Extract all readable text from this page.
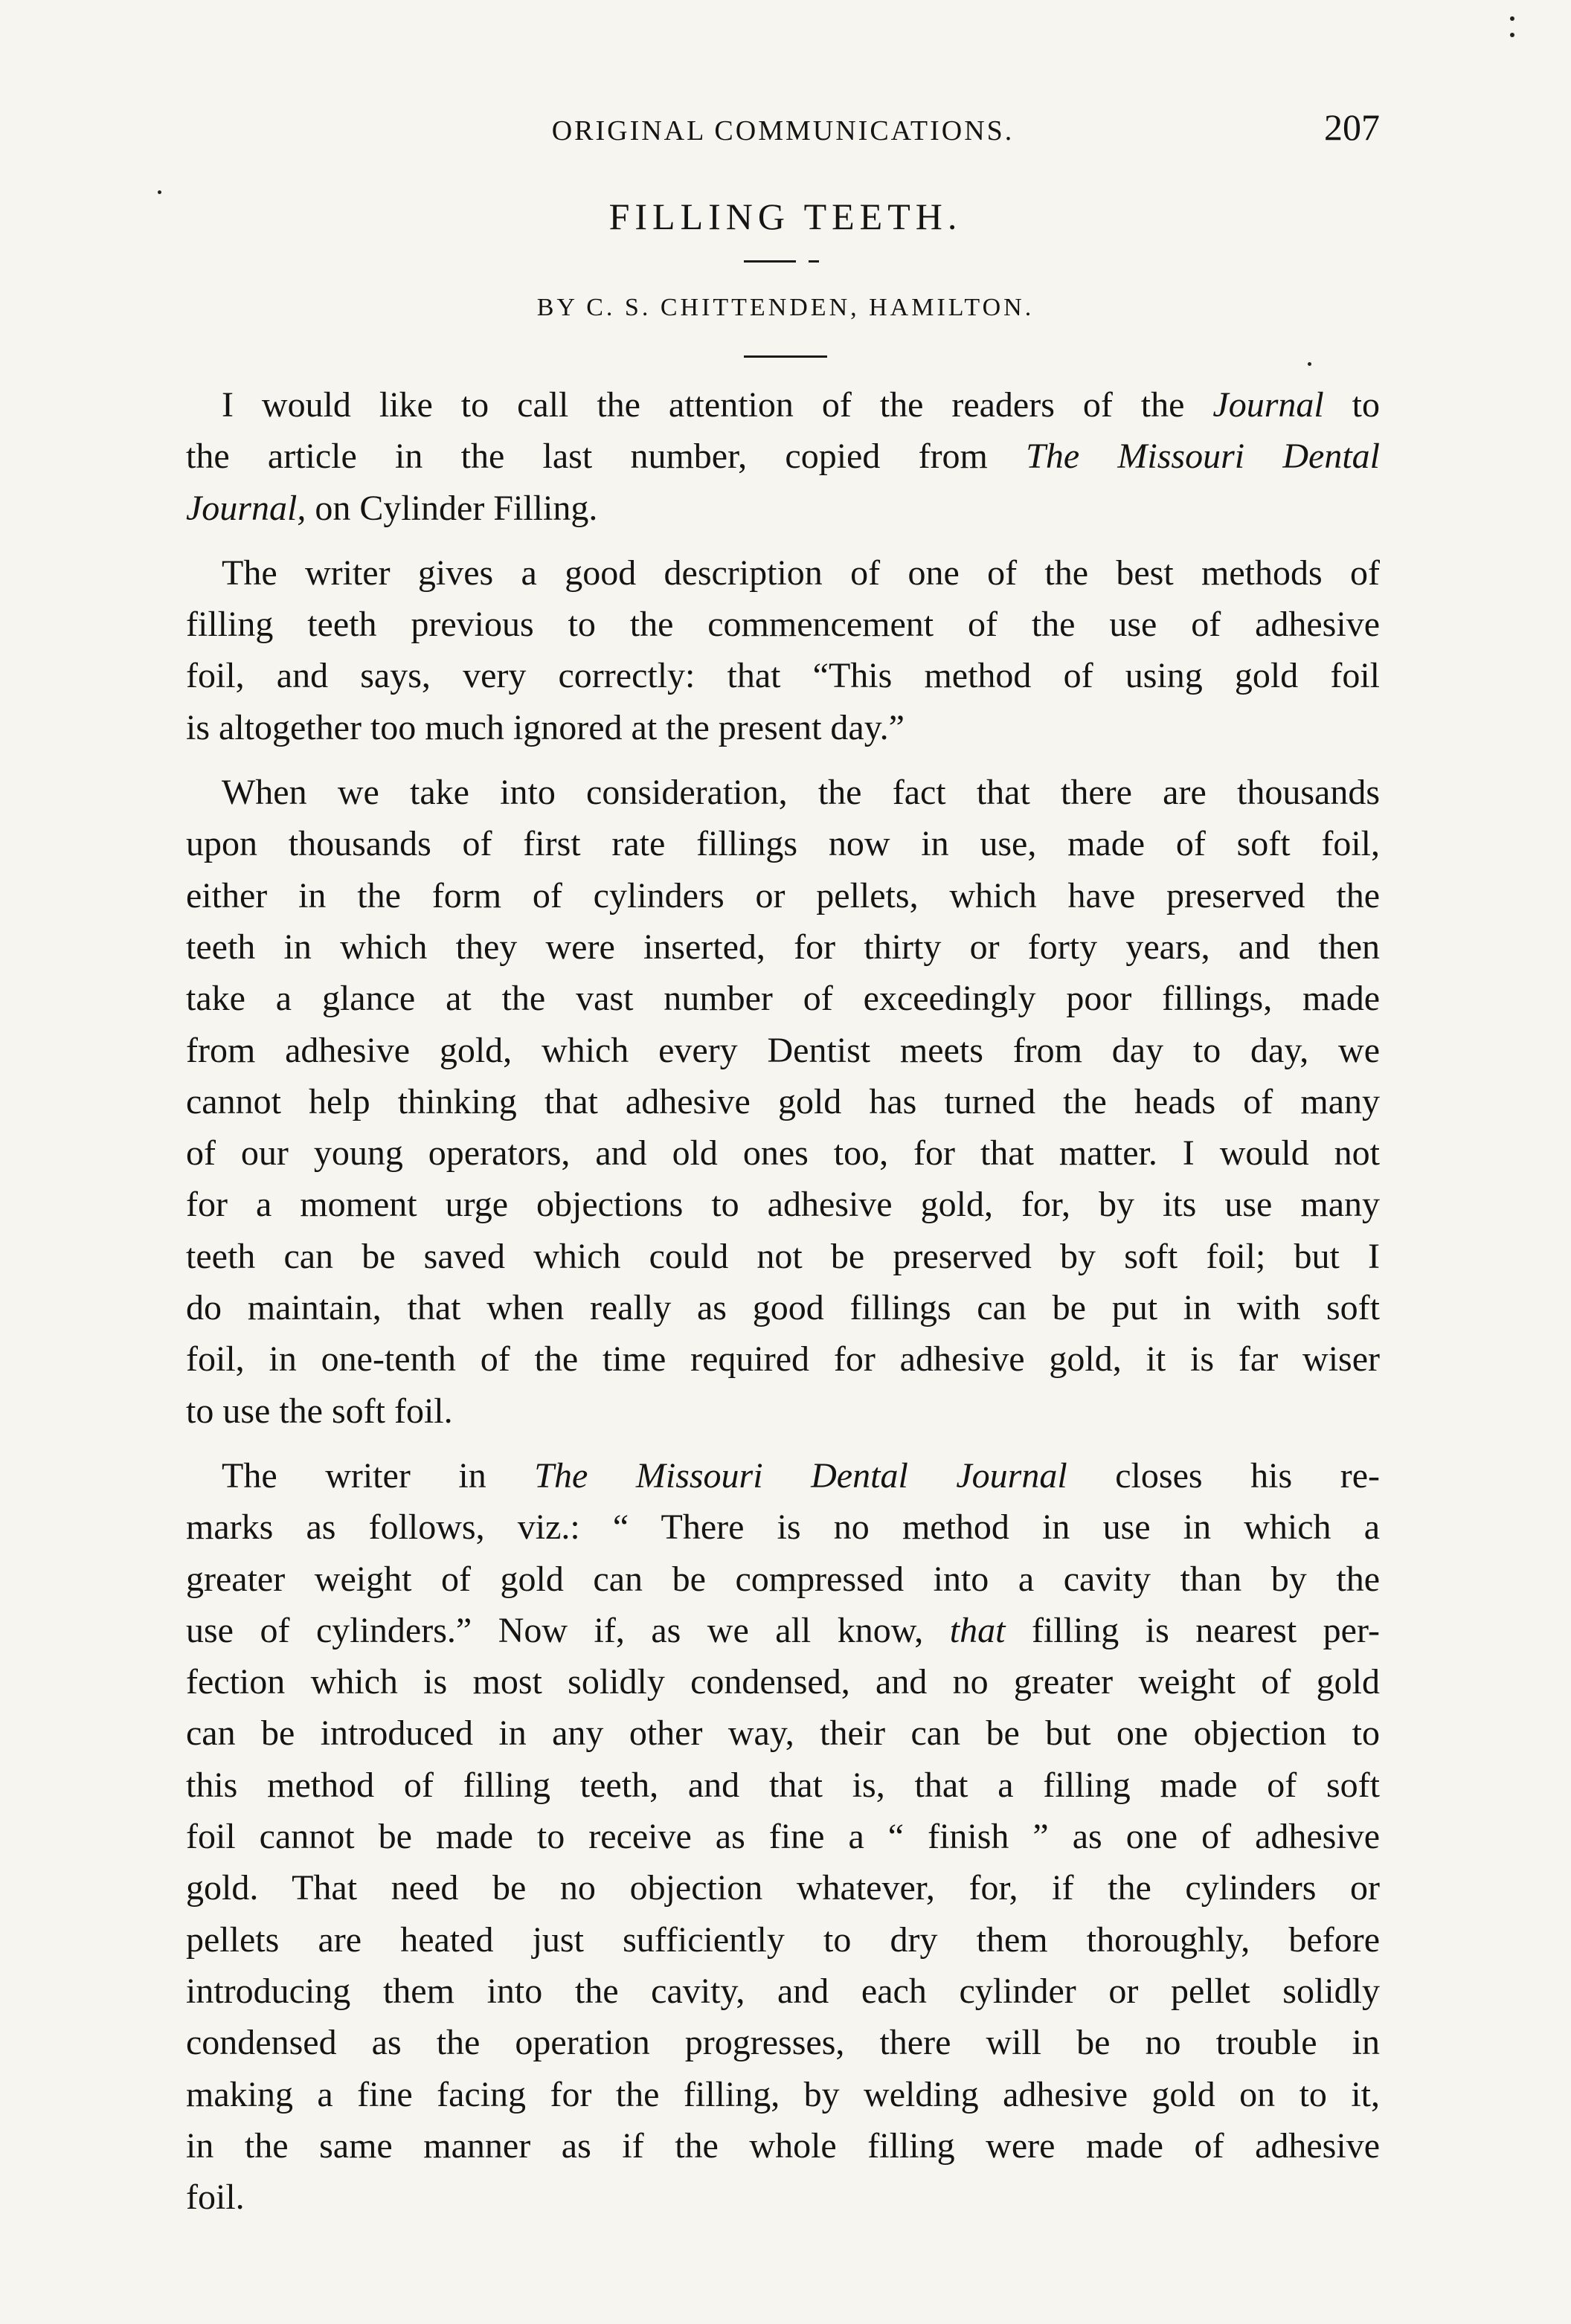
ORIGINAL COMMUNICATIONS.	207
FILLING TEETH.
BY C. S. CHITTENDEN, HAMILTON.

I would like to call the attention of the readers of the Journal to
the article in the last number, copied from The Missouri Dental
Journal, on Cylinder Filling.

The writer gives a good description of one of the best methods of
filling teeth previous to the commencement of the use of adhesive
foil, and says, very correctly: that “This method of using gold foil
is altogether too much ignored at the present day.”

When we take into consideration, the fact that there are thousands
upon thousands of first rate fillings now in use, made of soft foil,
either in the form of cylinders or pellets, which have preserved the
teeth in which they were inserted, for thirty or forty years, and then
take a glance at the vast number of exceedingly poor fillings, made
from adhesive gold, which every Dentist meets from day to day, we
cannot help thinking that adhesive gold has turned the heads of many
of our young operators, and old ones too, for that matter. I would not
for a moment urge objections to adhesive gold, for, by its use many
teeth can be saved which could not be preserved by soft foil; but I
do maintain, that when really as good fillings can be put in with soft
foil, in one-tenth of the time required for adhesive gold, it is far wiser
to use the soft foil.

The writer in The Missouri Dental Journal closes his re-
marks as follows, viz.: “ There is no method in use in which a
greater weight of gold can be compressed into a cavity than by the
use of cylinders.” Now if, as we all know, that filling is nearest per-
fection which is most solidly condensed, and no greater weight of gold
can be introduced in any other way, their can be but one objection to
this method of filling teeth, and that is, that a filling made of soft
foil cannot be made to receive as fine a “ finish ” as one of adhesive
gold. That need be no objection whatever, for, if the cylinders or
pellets are heated just sufficiently to dry them thoroughly, before
introducing them into the cavity, and each cylinder or pellet solidly
condensed as the operation progresses, there will be no trouble in
making a fine facing for the filling, by welding adhesive gold on to it,
in the same manner as if the whole filling were made of adhesive
foil.
